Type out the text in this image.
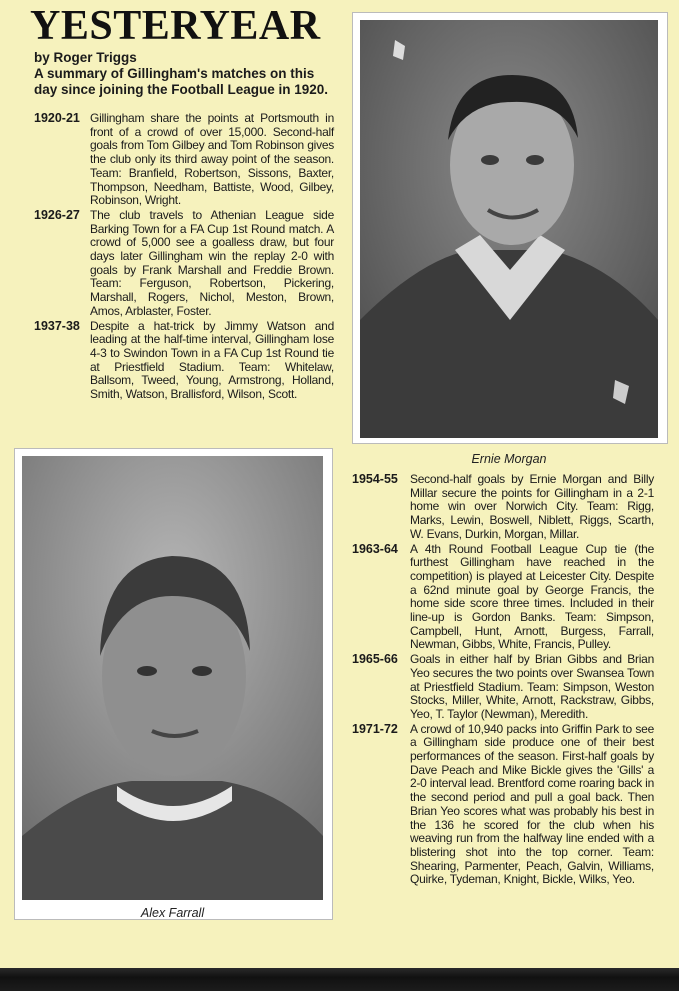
YESTERYEAR

by Roger Triggs

A summary of Gillingham's matches on this day since joining the Football League in 1920.

1920-21 Gillingham share the points at Portsmouth in front of a crowd of over 15,000. Second-half goals from Tom Gilbey and Tom Robinson gives the club only its third away point of the season. Team: Branfield, Robertson, Sissons, Baxter, Thompson, Needham, Battiste, Wood, Gilbey, Robinson, Wright.
1926-27 The club travels to Athenian League side Barking Town for a FA Cup 1st Round match. A crowd of 5,000 see a goalless draw, but four days later Gillingham win the replay 2-0 with goals by Frank Marshall and Freddie Brown. Team: Ferguson, Robertson, Pickering, Marshall, Rogers, Nichol, Meston, Brown, Amos, Arblaster, Foster.
1937-38 Despite a hat-trick by Jimmy Watson and leading at the half-time interval, Gillingham lose 4-3 to Swindon Town in a FA Cup 1st Round tie at Priestfield Stadium. Team: Whitelaw, Ballsom, Tweed, Young, Armstrong, Holland, Smith, Watson, Brallisford, Wilson, Scott.

Ernie Morgan

Alex Farrall

1954-55	Second-half goals by Ernie Morgan and Billy Millar secure the points for Gillingham in a 2-1 home win over Norwich City. Team: Rigg, Marks, Lewin, Boswell, Niblett, Riggs, Scarth, W. Evans, Durkin, Morgan, Millar.
1963-64	A 4th Round Football League Cup tie (the furthest Gillingham have reached in the competition) is played at Leicester City. Despite a 62nd minute goal by George Francis, the home side score three times. Included in their line-up is Gordon Banks. Team: Simpson, Campbell, Hunt, Arnott, Burgess, Farrall, Newman, Gibbs, White, Francis, Pulley.
1965-66	Goals in either half by Brian Gibbs and Brian Yeo secures the two points over Swansea Town at Priestfield Stadium. Team: Simpson, Weston Stocks, Miller, White, Arnott, Rackstraw, Gibbs, Yeo, T. Taylor (Newman), Meredith.
1971-72	A crowd of 10,940 packs into Griffin Park to see a Gillingham side produce one of their best performances of the season. First-half goals by Dave Peach and Mike Bickle gives the 'Gills' a 2-0 interval lead. Brentford come roaring back in the second period and pull a goal back. Then Brian Yeo scores what was probably his best in the 136 he scored for the club when his weaving run from the halfway line ended with a blistering shot into the top corner. Team: Shearing, Parmenter, Peach, Galvin, Williams, Quirke, Tydeman, Knight, Bickle, Wilks, Yeo.
